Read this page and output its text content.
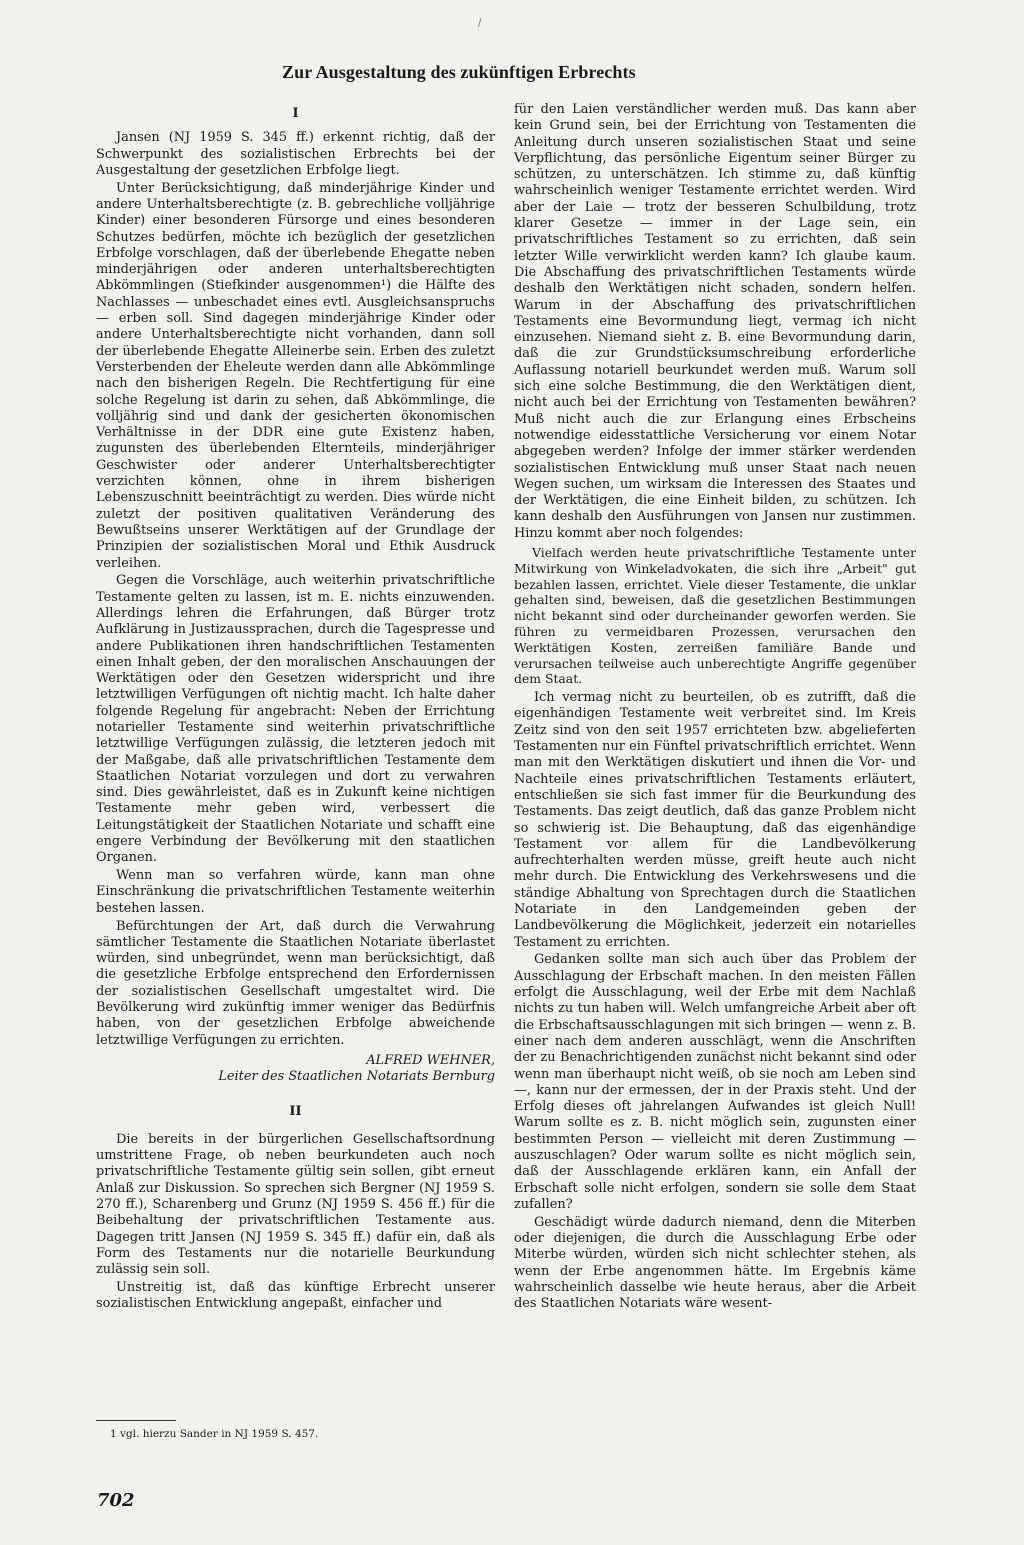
/
Zur Ausgestaltung des zukünftigen Erbrechts
I

Jansen (NJ 1959 S. 345 ff.) erkennt richtig, daß der Schwerpunkt des sozialistischen Erbrechts bei der Ausgestaltung der gesetzlichen Erbfolge liegt.

Unter Berücksichtigung, daß minderjährige Kinder und andere Unterhaltsberechtigte (z. B. gebrechliche volljährige Kinder) einer besonderen Fürsorge und eines besonderen Schutzes bedürfen, möchte ich bezüglich der gesetzlichen Erbfolge vorschlagen, daß der überlebende Ehegatte neben minderjährigen oder anderen unterhaltsberechtigten Abkömmlingen (Stiefkinder ausgenommen¹) die Hälfte des Nachlasses — unbeschadet eines evtl. Ausgleichsanspruchs — erben soll. Sind dagegen minderjährige Kinder oder andere Unterhaltsberechtigte nicht vorhanden, dann soll der überlebende Ehegatte Alleinerbe sein. Erben des zuletzt Versterbenden der Eheleute werden dann alle Abkömmlinge nach den bisherigen Regeln. Die Rechtfertigung für eine solche Regelung ist darin zu sehen, daß Abkömmlinge, die volljährig sind und dank der gesicherten ökonomischen Verhältnisse in der DDR eine gute Existenz haben, zugunsten des überlebenden Elternteils, minderjähriger Geschwister oder anderer Unterhaltsberechtigter verzichten können, ohne in ihrem bisherigen Lebenszuschnitt beeinträchtigt zu werden. Dies würde nicht zuletzt der positiven qualitativen Veränderung des Bewußtseins unserer Werktätigen auf der Grundlage der Prinzipien der sozialistischen Moral und Ethik Ausdruck verleihen.

Gegen die Vorschläge, auch weiterhin privatschriftliche Testamente gelten zu lassen, ist m. E. nichts einzuwenden. Allerdings lehren die Erfahrungen, daß Bürger trotz Aufklärung in Justizaussprachen, durch die Tagespresse und andere Publikationen ihren handschriftlichen Testamenten einen Inhalt geben, der den moralischen Anschauungen der Werktätigen oder den Gesetzen widerspricht und ihre letztwilligen Verfügungen oft nichtig macht. Ich halte daher folgende Regelung für angebracht: Neben der Errichtung notarieller Testamente sind weiterhin privatschriftliche letztwillige Verfügungen zulässig, die letzteren jedoch mit der Maßgabe, daß alle privatschriftlichen Testamente dem Staatlichen Notariat vorzulegen und dort zu verwahren sind. Dies gewährleistet, daß es in Zukunft keine nichtigen Testamente mehr geben wird, verbessert die Leitungstätigkeit der Staatlichen Notariate und schafft eine engere Verbindung der Bevölkerung mit den staatlichen Organen.

Wenn man so verfahren würde, kann man ohne Einschränkung die privatschriftlichen Testamente weiterhin bestehen lassen.

Befürchtungen der Art, daß durch die Verwahrung sämtlicher Testamente die Staatlichen Notariate überlastet würden, sind unbegründet, wenn man berücksichtigt, daß die gesetzliche Erbfolge entsprechend den Erfordernissen der sozialistischen Gesellschaft umgestaltet wird. Die Bevölkerung wird zukünftig immer weniger das Bedürfnis haben, von der gesetzlichen Erbfolge abweichende letztwillige Verfügungen zu errichten.

ALFRED WEHNER,
Leiter des Staatlichen Notariats Bernburg
II

Die bereits in der bürgerlichen Gesellschaftsordnung umstrittene Frage, ob neben beurkundeten auch noch privatschriftliche Testamente gültig sein sollen, gibt erneut Anlaß zur Diskussion. So sprechen sich Bergner (NJ 1959 S. 270 ff.), Scharenberg und Grunz (NJ 1959 S. 456 ff.) für die Beibehaltung der privatschriftlichen Testamente aus. Dagegen tritt Jansen (NJ 1959 S. 345 ff.) dafür ein, daß als Form des Testaments nur die notarielle Beurkundung zulässig sein soll.

Unstreitig ist, daß das künftige Erbrecht unserer sozialistischen Entwicklung angepaßt, einfacher und

für den Laien verständlicher werden muß. Das kann aber kein Grund sein, bei der Errichtung von Testamenten die Anleitung durch unseren sozialistischen Staat und seine Verpflichtung, das persönliche Eigentum seiner Bürger zu schützen, zu unterschätzen. Ich stimme zu, daß künftig wahrscheinlich weniger Testamente errichtet werden. Wird aber der Laie — trotz der besseren Schulbildung, trotz klarer Gesetze — immer in der Lage sein, ein privatschriftliches Testament so zu errichten, daß sein letzter Wille verwirklicht werden kann? Ich glaube kaum. Die Abschaffung des privatschriftlichen Testaments würde deshalb den Werktätigen nicht schaden, sondern helfen. Warum in der Abschaffung des privatschriftlichen Testaments eine Bevormundung liegt, vermag ich nicht einzusehen. Niemand sieht z. B. eine Bevormundung darin, daß die zur Grundstücksumschreibung erforderliche Auflassung notariell beurkundet werden muß. Warum soll sich eine solche Bestimmung, die den Werktätigen dient, nicht auch bei der Errichtung von Testamenten bewähren? Muß nicht auch die zur Erlangung eines Erbscheins notwendige eidesstattliche Versicherung vor einem Notar abgegeben werden? Infolge der immer stärker werdenden sozialistischen Entwicklung muß unser Staat nach neuen Wegen suchen, um wirksam die Interessen des Staates und der Werktätigen, die eine Einheit bilden, zu schützen. Ich kann deshalb den Ausführungen von Jansen nur zustimmen. Hinzu kommt aber noch folgendes:

Vielfach werden heute privatschriftliche Testamente unter Mitwirkung von Winkeladvokaten, die sich ihre „Arbeit" gut bezahlen lassen, errichtet. Viele dieser Testamente, die unklar gehalten sind, beweisen, daß die gesetzlichen Bestimmungen nicht bekannt sind oder durcheinander geworfen werden. Sie führen zu vermeidbaren Prozessen, verursachen den Werktätigen Kosten, zerreißen familiäre Bande und verursachen teilweise auch unberechtigte Angriffe gegenüber dem Staat.

Ich vermag nicht zu beurteilen, ob es zutrifft, daß die eigenhändigen Testamente weit verbreitet sind. Im Kreis Zeitz sind von den seit 1957 errichteten bzw. abgelieferten Testamenten nur ein Fünftel privatschriftlich errichtet. Wenn man mit den Werktätigen diskutiert und ihnen die Vor- und Nachteile eines privatschriftlichen Testaments erläutert, entschließen sie sich fast immer für die Beurkundung des Testaments. Das zeigt deutlich, daß das ganze Problem nicht so schwierig ist. Die Behauptung, daß das eigenhändige Testament vor allem für die Landbevölkerung aufrechterhalten werden müsse, greift heute auch nicht mehr durch. Die Entwicklung des Verkehrswesens und die ständige Abhaltung von Sprechtagen durch die Staatlichen Notariate in den Landgemeinden geben der Landbevölkerung die Möglichkeit, jederzeit ein notarielles Testament zu errichten.

Gedanken sollte man sich auch über das Problem der Ausschlagung der Erbschaft machen. In den meisten Fällen erfolgt die Ausschlagung, weil der Erbe mit dem Nachlaß nichts zu tun haben will. Welch umfangreiche Arbeit aber oft die Erbschaftsausschlagungen mit sich bringen — wenn z. B. einer nach dem anderen ausschlägt, wenn die Anschriften der zu Benachrichtigenden zunächst nicht bekannt sind oder wenn man überhaupt nicht weiß, ob sie noch am Leben sind —, kann nur der ermessen, der in der Praxis steht. Und der Erfolg dieses oft jahrelangen Aufwandes ist gleich Null! Warum sollte es z. B. nicht möglich sein, zugunsten einer bestimmten Person — vielleicht mit deren Zustimmung — auszuschlagen? Oder warum sollte es nicht möglich sein, daß der Ausschlagende erklären kann, ein Anfall der Erbschaft solle nicht erfolgen, sondern sie solle dem Staat zufallen?

Geschädigt würde dadurch niemand, denn die Miterben oder diejenigen, die durch die Ausschlagung Erbe oder Miterbe würden, würden sich nicht schlechter stehen, als wenn der Erbe angenommen hätte. Im Ergebnis käme wahrscheinlich dasselbe wie heute heraus, aber die Arbeit des Staatlichen Notariats wäre wesent-

1 vgl. hierzu Sander in NJ 1959 S. 457.
702
